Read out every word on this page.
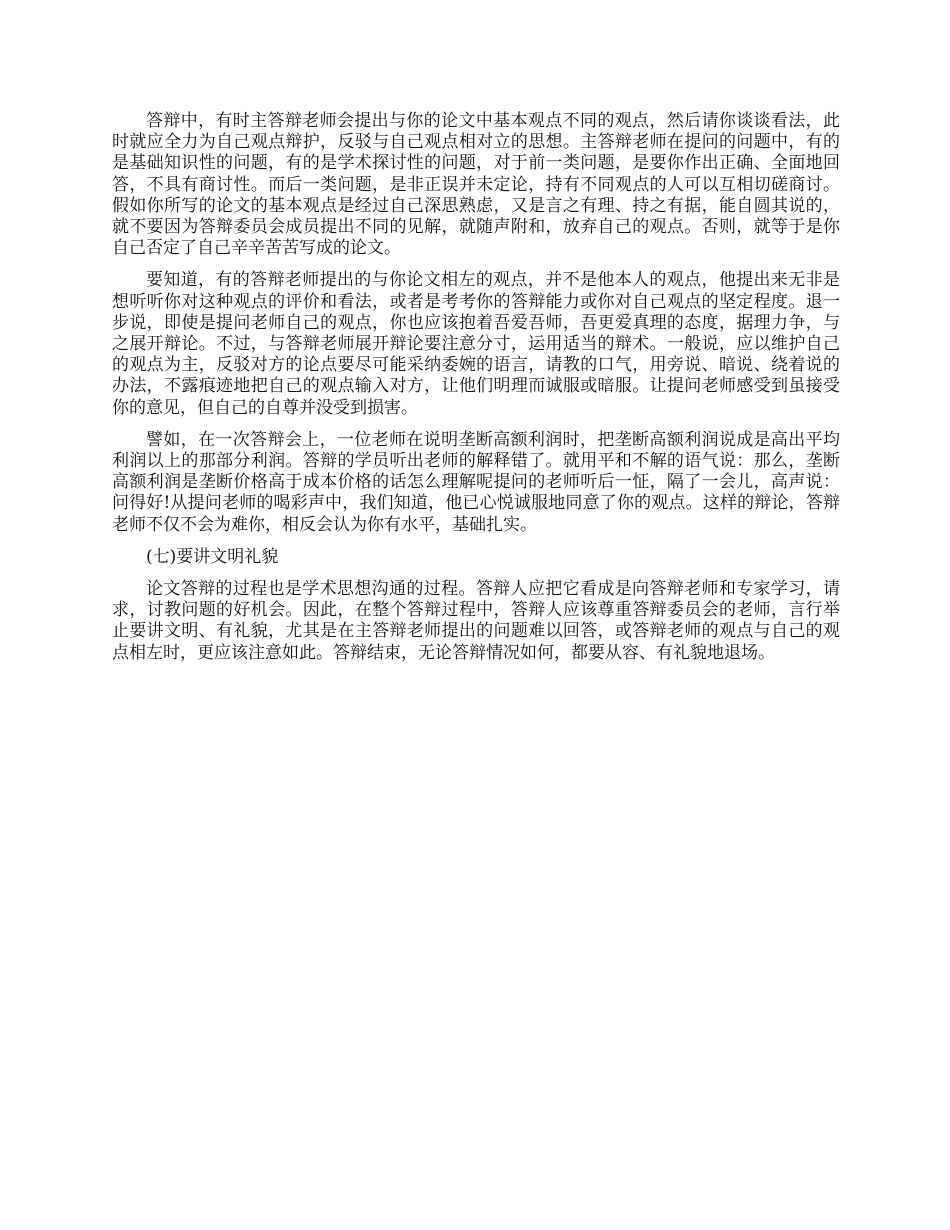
答辩中，有时主答辩老师会提出与你的论文中基本观点不同的观点，然后请你谈谈看法，此时就应全力为自己观点辩护，反驳与自己观点相对立的思想。主答辩老师在提问的问题中，有的是基础知识性的问题，有的是学术探讨性的问题，对于前一类问题，是要你作出正确、全面地回答，不具有商讨性。而后一类问题，是非正误并未定论，持有不同观点的人可以互相切磋商讨。假如你所写的论文的基本观点是经过自己深思熟虑，又是言之有理、持之有据，能自圆其说的，就不要因为答辩委员会成员提出不同的见解，就随声附和，放弃自己的观点。否则，就等于是你自己否定了自己辛辛苦苦写成的论文。

要知道，有的答辩老师提出的与你论文相左的观点，并不是他本人的观点，他提出来无非是想听听你对这种观点的评价和看法，或者是考考你的答辩能力或你对自己观点的坚定程度。退一步说，即使是提问老师自己的观点，你也应该抱着吾爱吾师，吾更爱真理的态度，据理力争，与之展开辩论。不过，与答辩老师展开辩论要注意分寸，运用适当的辩术。一般说，应以维护自己的观点为主，反驳对方的论点要尽可能采纳委婉的语言，请教的口气，用旁说、暗说、绕着说的办法，不露痕迹地把自己的观点输入对方，让他们明理而诚服或暗服。让提问老师感受到虽接受你的意见，但自己的自尊并没受到损害。

譬如，在一次答辩会上，一位老师在说明垄断高额利润时，把垄断高额利润说成是高出平均利润以上的那部分利润。答辩的学员听出老师的解释错了。就用平和不解的语气说：那么，垄断高额利润是垄断价格高于成本价格的话怎么理解呢提问的老师听后一怔，隔了一会儿，高声说：问得好!从提问老师的喝彩声中，我们知道，他已心悦诚服地同意了你的观点。这样的辩论，答辩老师不仅不会为难你，相反会认为你有水平，基础扎实。

(七)要讲文明礼貌

论文答辩的过程也是学术思想沟通的过程。答辩人应把它看成是向答辩老师和专家学习，请求，讨教问题的好机会。因此，在整个答辩过程中，答辩人应该尊重答辩委员会的老师，言行举止要讲文明、有礼貌，尤其是在主答辩老师提出的问题难以回答，或答辩老师的观点与自己的观点相左时，更应该注意如此。答辩结束，无论答辩情况如何，都要从容、有礼貌地退场。
